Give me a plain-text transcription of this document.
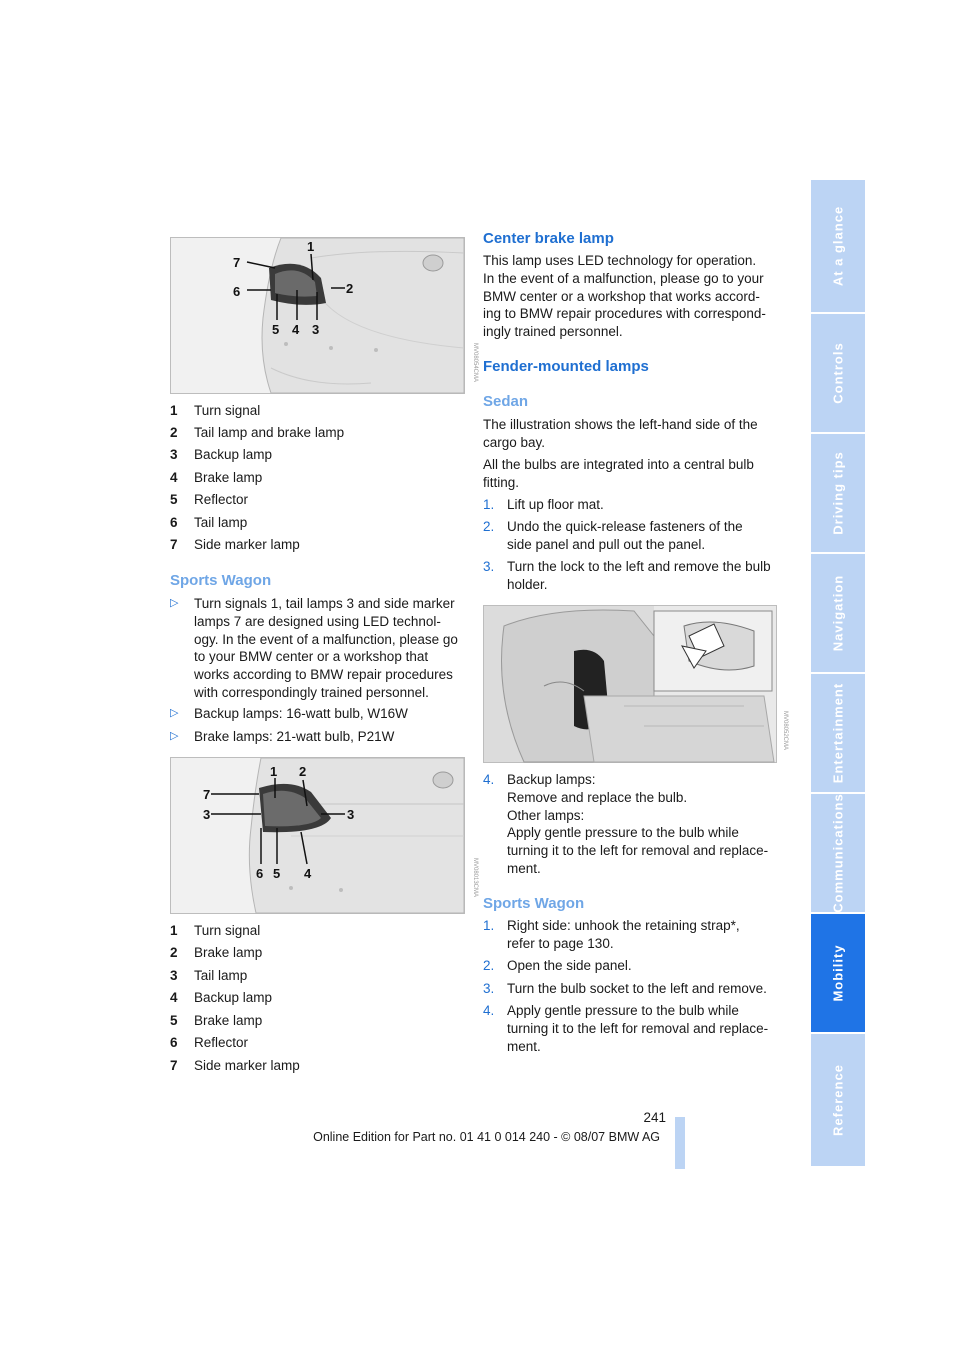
1
2
3
4
5
6
7
MV08054CMA
1 Turn signal
2 Tail lamp and brake lamp
3 Backup lamp
4 Brake lamp
5 Reflector
6 Tail lamp
7 Side marker lamp
Sports Wagon
▷ Turn signals 1, tail lamps 3 and side marker
lamps 7 are designed using LED technol-
ogy. In the event of a malfunction, please go
to your BMW center or a workshop that
works according to BMW repair procedures
with correspondingly trained personnel.
▷ Backup lamps: 16-watt bulb, W16W
▷ Brake lamps: 21-watt bulb, P21W
1 2
3
3
4
5
6
7
MV08013CMA
1 Turn signal
2 Brake lamp
3 Tail lamp
4 Backup lamp
5 Brake lamp
6 Reflector
7 Side marker lamp
Center brake lamp
This lamp uses LED technology for operation.
In the event of a malfunction, please go to your
BMW center or a workshop that works accord-
ing to BMW repair procedures with correspond-
ingly trained personnel.
Fender-mounted lamps
Sedan
The illustration shows the left-hand side of the
cargo bay.
All the bulbs are integrated into a central bulb
fitting.
1. Lift up floor mat.
2. Undo the quick-release fasteners of the
side panel and pull out the panel.
3. Turn the lock to the left and remove the bulb
holder.
MV08052CMA
4. Backup lamps:
Remove and replace the bulb.
Other lamps:
Apply gentle pressure to the bulb while
turning it to the left for removal and replace-
ment.
Sports Wagon
1. Right side: unhook the retaining strap*,
refer to page 130.
2. Open the side panel.
3. Turn the bulb socket to the left and remove.
4. Apply gentle pressure to the bulb while
turning it to the left for removal and replace-
ment.
At a glance
Controls
Driving tips
Navigation
Entertainment
Communications
Mobility
Reference
241
Online Edition for Part no. 01 41 0 014 240 - © 08/07 BMW AG
